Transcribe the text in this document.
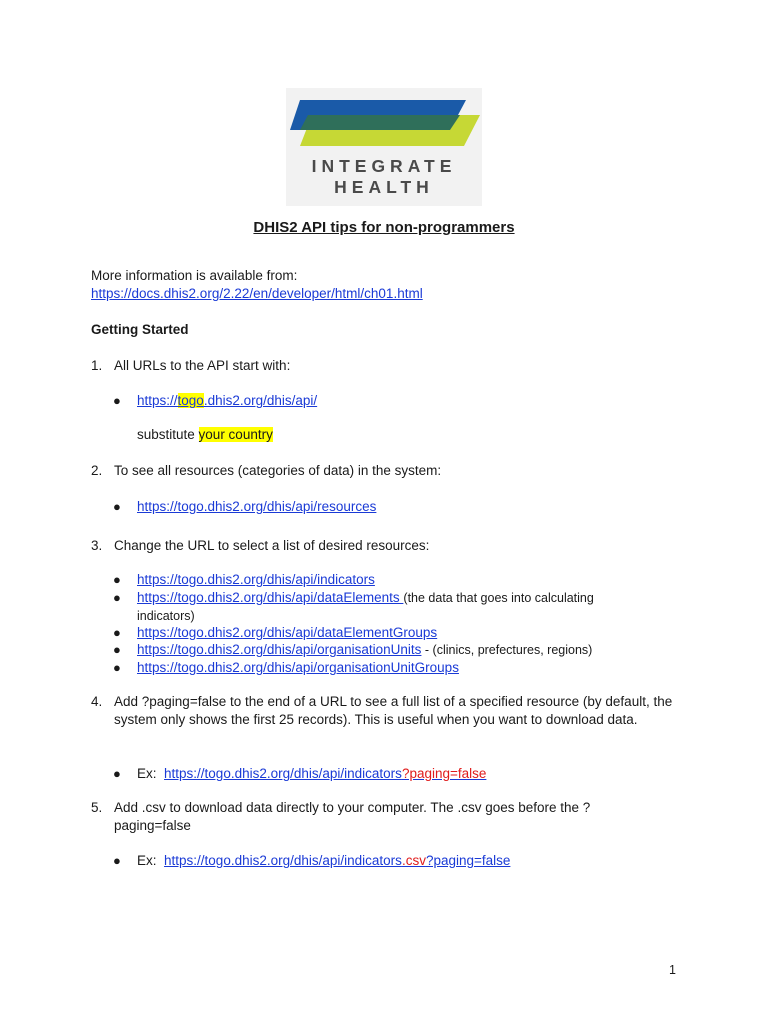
INTEGRATE
HEALTH
DHIS2 API tips for non-programmers
More information is available from:
https://docs.dhis2.org/2.22/en/developer/html/ch01.html
Getting Started
1. All URLs to the API start with:
●	https://togo.dhis2.org/dhis/api/
substitute your country
2. To see all resources (categories of data) in the system:
●	https://togo.dhis2.org/dhis/api/resources
3. Change the URL to select a list of desired resources:
●	https://togo.dhis2.org/dhis/api/indicators
●	https://togo.dhis2.org/dhis/api/dataElements (the data that goes into calculating indicators)
●	https://togo.dhis2.org/dhis/api/dataElementGroups
●	https://togo.dhis2.org/dhis/api/organisationUnits - (clinics, prefectures, regions)
●	https://togo.dhis2.org/dhis/api/organisationUnitGroups
4. Add ?paging=false to the end of a URL to see a full list of a specified resource (by default, the system only shows the first 25 records). This is useful when you want to download data.
●	Ex: https://togo.dhis2.org/dhis/api/indicators?paging=false
5. Add .csv to download data directly to your computer. The .csv goes before the ?paging=false
●	Ex: https://togo.dhis2.org/dhis/api/indicators.csv?paging=false
1
